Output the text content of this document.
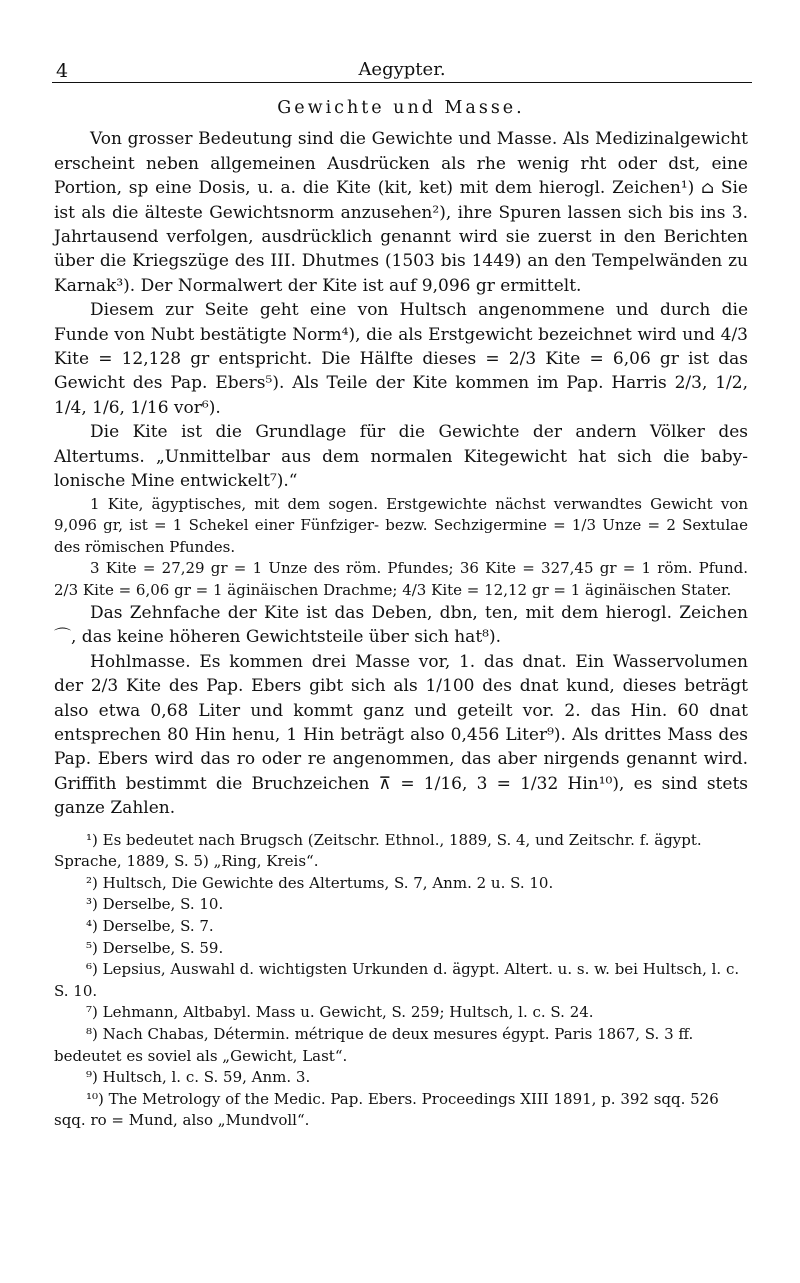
4	Aegypter.
Gewichte und Masse.

Von grosser Bedeutung sind die Gewichte und Masse. Als Medizinalgewicht erscheint neben allgemeinen Ausdrücken als rhe wenig rht oder dst, eine Portion, sp eine Dosis, u. a. die Kite (kit, ket) mit dem hierogl. Zeichen¹) ⌂ Sie ist als die älteste Gewichtsnorm anzusehen²), ihre Spuren lassen sich bis ins 3. Jahrtausend verfolgen, ausdrücklich genannt wird sie zuerst in den Berichten über die Kriegszüge des III. Dhutmes (1503 bis 1449) an den Tempelwänden zu Karnak³). Der Normalwert der Kite ist auf 9,096 gr ermittelt.

Diesem zur Seite geht eine von Hultsch angenommene und durch die Funde von Nubt bestätigte Norm⁴), die als Erstgewicht bezeichnet wird und 4/3 Kite = 12,128 gr entspricht. Die Hälfte dieses = 2/3 Kite = 6,06 gr ist das Gewicht des Pap. Ebers⁵). Als Teile der Kite kommen im Pap. Harris 2/3, 1/2, 1/4, 1/6, 1/16 vor⁶).

Die Kite ist die Grundlage für die Gewichte der andern Völker des Altertums. „Unmittelbar aus dem normalen Kitegewicht hat sich die babylonische Mine entwickelt⁷).“

1 Kite, ägyptisches, mit dem sogen. Erstgewichte nächst verwandtes Gewicht von 9,096 gr, ist = 1 Schekel einer Fünfziger- bezw. Sechzigermine = 1/3 Unze = 2 Sextulae des römischen Pfundes.

3 Kite = 27,29 gr = 1 Unze des röm. Pfundes; 36 Kite = 327,45 gr = 1 röm. Pfund. 2/3 Kite = 6,06 gr = 1 äginäischen Drachme; 4/3 Kite = 12,12 gr = 1 äginäischen Stater.

Das Zehnfache der Kite ist das Deben, dbn, ten, mit dem hierogl. Zeichen ⌒, das keine höheren Gewichtsteile über sich hat⁸).

Hohlmasse. Es kommen drei Masse vor, 1. das dnat. Ein Wasservolumen der 2/3 Kite des Pap. Ebers gibt sich als 1/100 des dnat kund, dieses beträgt also etwa 0,68 Liter und kommt ganz und geteilt vor. 2. das Hin. 60 dnat entsprechen 80 Hin henu, 1 Hin beträgt also 0,456 Liter⁹). Als drittes Mass des Pap. Ebers wird das ro oder re angenommen, das aber nirgends genannt wird. Griffith bestimmt die Bruchzeichen ⊼ = 1/16, 3 = 1/32 Hin¹⁰), es sind stets ganze Zahlen.

¹) Es bedeutet nach Brugsch (Zeitschr. Ethnol., 1889, S. 4, und Zeitschr. f. ägypt. Sprache, 1889, S. 5) „Ring, Kreis“.

²) Hultsch, Die Gewichte des Altertums, S. 7, Anm. 2 u. S. 10.

³) Derselbe, S. 10.

⁴) Derselbe, S. 7.

⁵) Derselbe, S. 59.

⁶) Lepsius, Auswahl d. wichtigsten Urkunden d. ägypt. Altert. u. s. w. bei Hultsch, l. c. S. 10.

⁷) Lehmann, Altbabyl. Mass u. Gewicht, S. 259; Hultsch, l. c. S. 24.

⁸) Nach Chabas, Détermin. métrique de deux mesures égypt. Paris 1867, S. 3 ff. bedeutet es soviel als „Gewicht, Last“.

⁹) Hultsch, l. c. S. 59, Anm. 3.

¹⁰) The Metrology of the Medic. Pap. Ebers. Proceedings XIII 1891, p. 392 sqq. 526 sqq. ro = Mund, also „Mundvoll“.
